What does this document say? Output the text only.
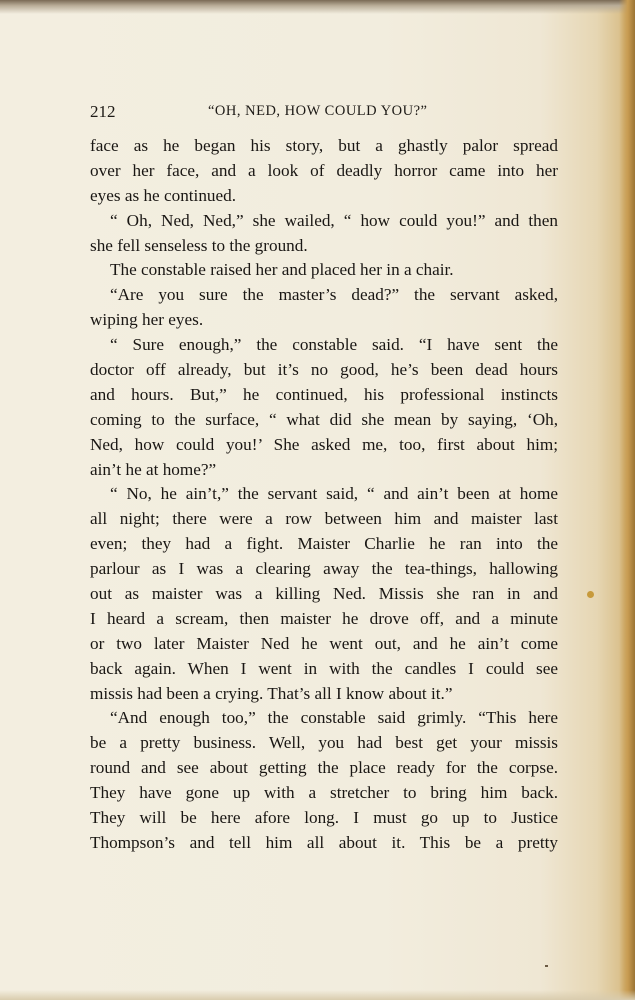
212	“OH, NED, HOW COULD YOU?”
face as he began his story, but a ghastly palor spread
over her face, and a look of deadly horror came into her
eyes as he continued.
“ Oh, Ned, Ned,” she wailed, “ how could you!” and then
she fell senseless to the ground.
The constable raised her and placed her in a chair.
“Are you sure the master’s dead?” the servant asked,
wiping her eyes.
“ Sure enough,” the constable said. “I have sent the
doctor off already, but it’s no good, he’s been dead hours
and hours. But,” he continued, his professional instincts
coming to the surface, “ what did she mean by saying, ‘Oh,
Ned, how could you!’ She asked me, too, first about him;
ain’t he at home?”
“ No, he ain’t,” the servant said, “ and ain’t been at home
all night; there were a row between him and maister last
even; they had a fight. Maister Charlie he ran into the
parlour as I was a clearing away the tea-things, hallowing
out as maister was a killing Ned. Missis she ran in and
I heard a scream, then maister he drove off, and a minute
or two later Maister Ned he went out, and he ain’t come
back again. When I went in with the candles I could see
missis had been a crying. That’s all I know about it.”
“And enough too,” the constable said grimly. “This here
be a pretty business. Well, you had best get your missis
round and see about getting the place ready for the corpse.
They have gone up with a stretcher to bring him back.
They will be here afore long. I must go up to Justice
Thompson’s and tell him all about it. This be a pretty
